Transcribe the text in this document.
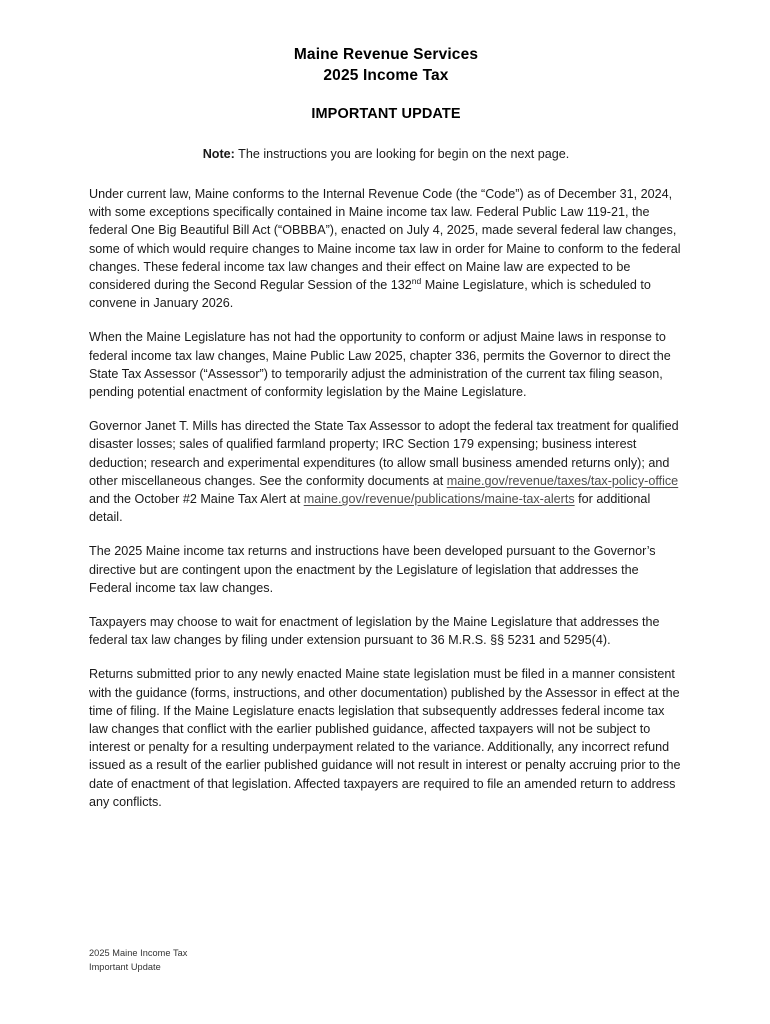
Maine Revenue Services
2025 Income Tax
IMPORTANT UPDATE
Note: The instructions you are looking for begin on the next page.

Under current law, Maine conforms to the Internal Revenue Code (the “Code”) as of December 31, 2024, with some exceptions specifically contained in Maine income tax law. Federal Public Law 119-21, the federal One Big Beautiful Bill Act (“OBBBA”), enacted on July 4, 2025, made several federal law changes, some of which would require changes to Maine income tax law in order for Maine to conform to the federal changes. These federal income tax law changes and their effect on Maine law are expected to be considered during the Second Regular Session of the 132nd Maine Legislature, which is scheduled to convene in January 2026.

When the Maine Legislature has not had the opportunity to conform or adjust Maine laws in response to federal income tax law changes, Maine Public Law 2025, chapter 336, permits the Governor to direct the State Tax Assessor (“Assessor”) to temporarily adjust the administration of the current tax filing season, pending potential enactment of conformity legislation by the Maine Legislature.

Governor Janet T. Mills has directed the State Tax Assessor to adopt the federal tax treatment for qualified disaster losses; sales of qualified farmland property; IRC Section 179 expensing; business interest deduction; research and experimental expenditures (to allow small business amended returns only); and other miscellaneous changes. See the conformity documents at maine.gov/revenue/taxes/tax-policy-office and the October #2 Maine Tax Alert at maine.gov/revenue/publications/maine-tax-alerts for additional detail.

The 2025 Maine income tax returns and instructions have been developed pursuant to the Governor’s directive but are contingent upon the enactment by the Legislature of legislation that addresses the Federal income tax law changes.

Taxpayers may choose to wait for enactment of legislation by the Maine Legislature that addresses the federal tax law changes by filing under extension pursuant to 36 M.R.S. §§ 5231 and 5295(4).

Returns submitted prior to any newly enacted Maine state legislation must be filed in a manner consistent with the guidance (forms, instructions, and other documentation) published by the Assessor in effect at the time of filing. If the Maine Legislature enacts legislation that subsequently addresses federal income tax law changes that conflict with the earlier published guidance, affected taxpayers will not be subject to interest or penalty for a resulting underpayment related to the variance. Additionally, any incorrect refund issued as a result of the earlier published guidance will not result in interest or penalty accruing prior to the date of enactment of that legislation. Affected taxpayers are required to file an amended return to address any conflicts.

2025 Maine Income Tax
Important Update
